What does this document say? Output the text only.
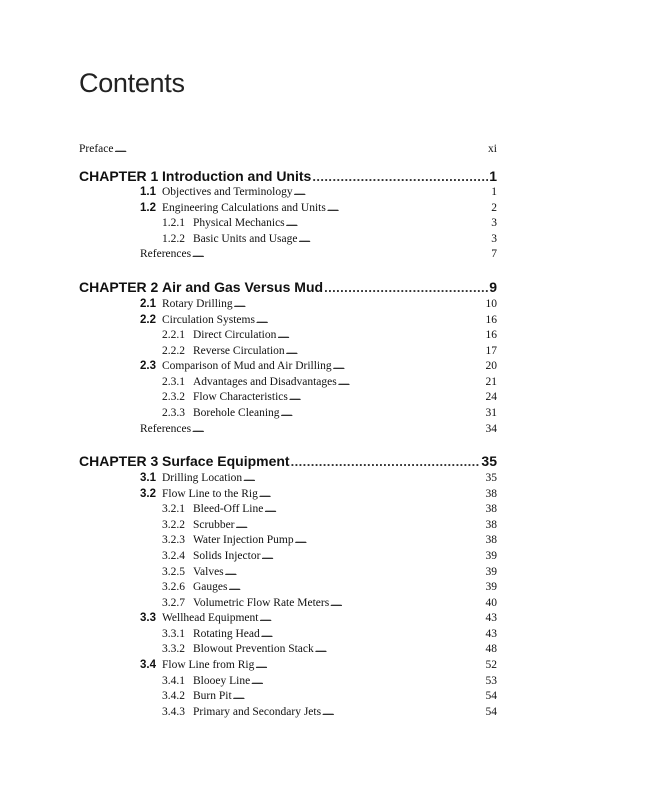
Contents
Preface . . .	xi
CHAPTER 1 Introduction and Units . . .	1
1.1 Objectives and Terminology . . .	1
1.2 Engineering Calculations and Units . . .	2
1.2.1 Physical Mechanics . . .	3
1.2.2 Basic Units and Usage . . .	3
References . . .	7
CHAPTER 2 Air and Gas Versus Mud . . .	9
2.1 Rotary Drilling . . .	10
2.2 Circulation Systems . . .	16
2.2.1 Direct Circulation . . .	16
2.2.2 Reverse Circulation . . .	17
2.3 Comparison of Mud and Air Drilling . . .	20
2.3.1 Advantages and Disadvantages . . .	21
2.3.2 Flow Characteristics . . .	24
2.3.3 Borehole Cleaning . . .	31
References . . .	34
CHAPTER 3 Surface Equipment . . .	35
3.1 Drilling Location . . .	35
3.2 Flow Line to the Rig . . .	38
3.2.1 Bleed-Off Line . . .	38
3.2.2 Scrubber . . .	38
3.2.3 Water Injection Pump . . .	38
3.2.4 Solids Injector . . .	39
3.2.5 Valves . . .	39
3.2.6 Gauges . . .	39
3.2.7 Volumetric Flow Rate Meters . . .	40
3.3 Wellhead Equipment . . .	43
3.3.1 Rotating Head . . .	43
3.3.2 Blowout Prevention Stack . . .	48
3.4 Flow Line from Rig . . .	52
3.4.1 Blooey Line . . .	53
3.4.2 Burn Pit . . .	54
3.4.3 Primary and Secondary Jets . . .	54
